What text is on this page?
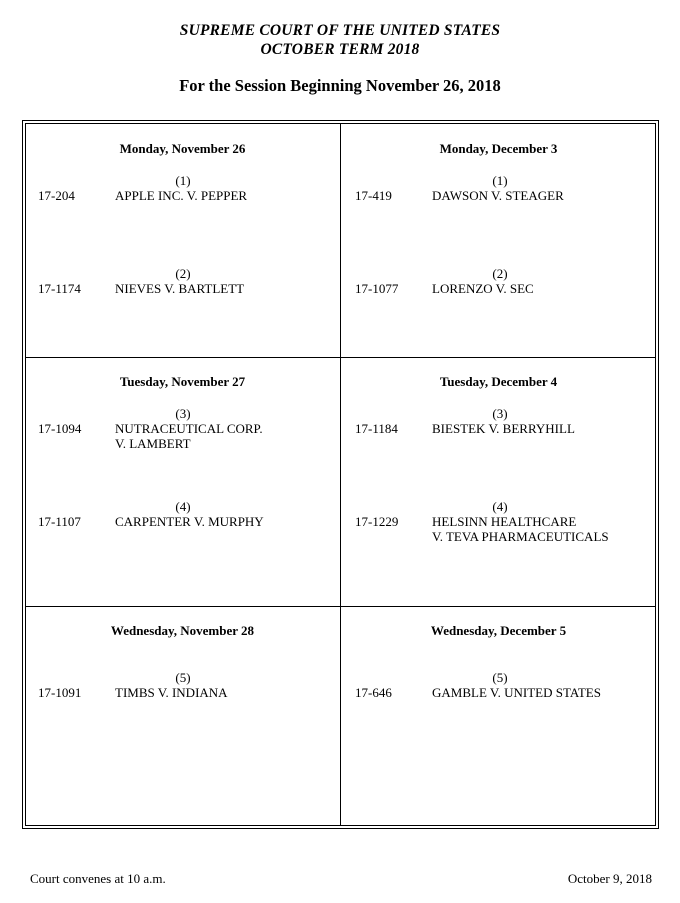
SUPREME COURT OF THE UNITED STATES
OCTOBER TERM 2018
For the Session Beginning November 26, 2018
Monday, November 26
(1)
17-204	APPLE INC. V. PEPPER
(2)
17-1174	NIEVES V. BARTLETT
Monday, December 3
(1)
17-419	DAWSON V. STEAGER
(2)
17-1077	LORENZO V. SEC
Tuesday, November 27
(3)
17-1094	NUTRACEUTICAL CORP.
V. LAMBERT
(4)
17-1107	CARPENTER V. MURPHY
Tuesday, December 4
(3)
17-1184	BIESTEK V. BERRYHILL
(4)
17-1229	HELSINN HEALTHCARE
V. TEVA PHARMACEUTICALS
Wednesday, November 28
(5)
17-1091	TIMBS V. INDIANA
Wednesday, December 5
(5)
17-646	GAMBLE V. UNITED STATES
Court convenes at 10 a.m.	October 9, 2018
